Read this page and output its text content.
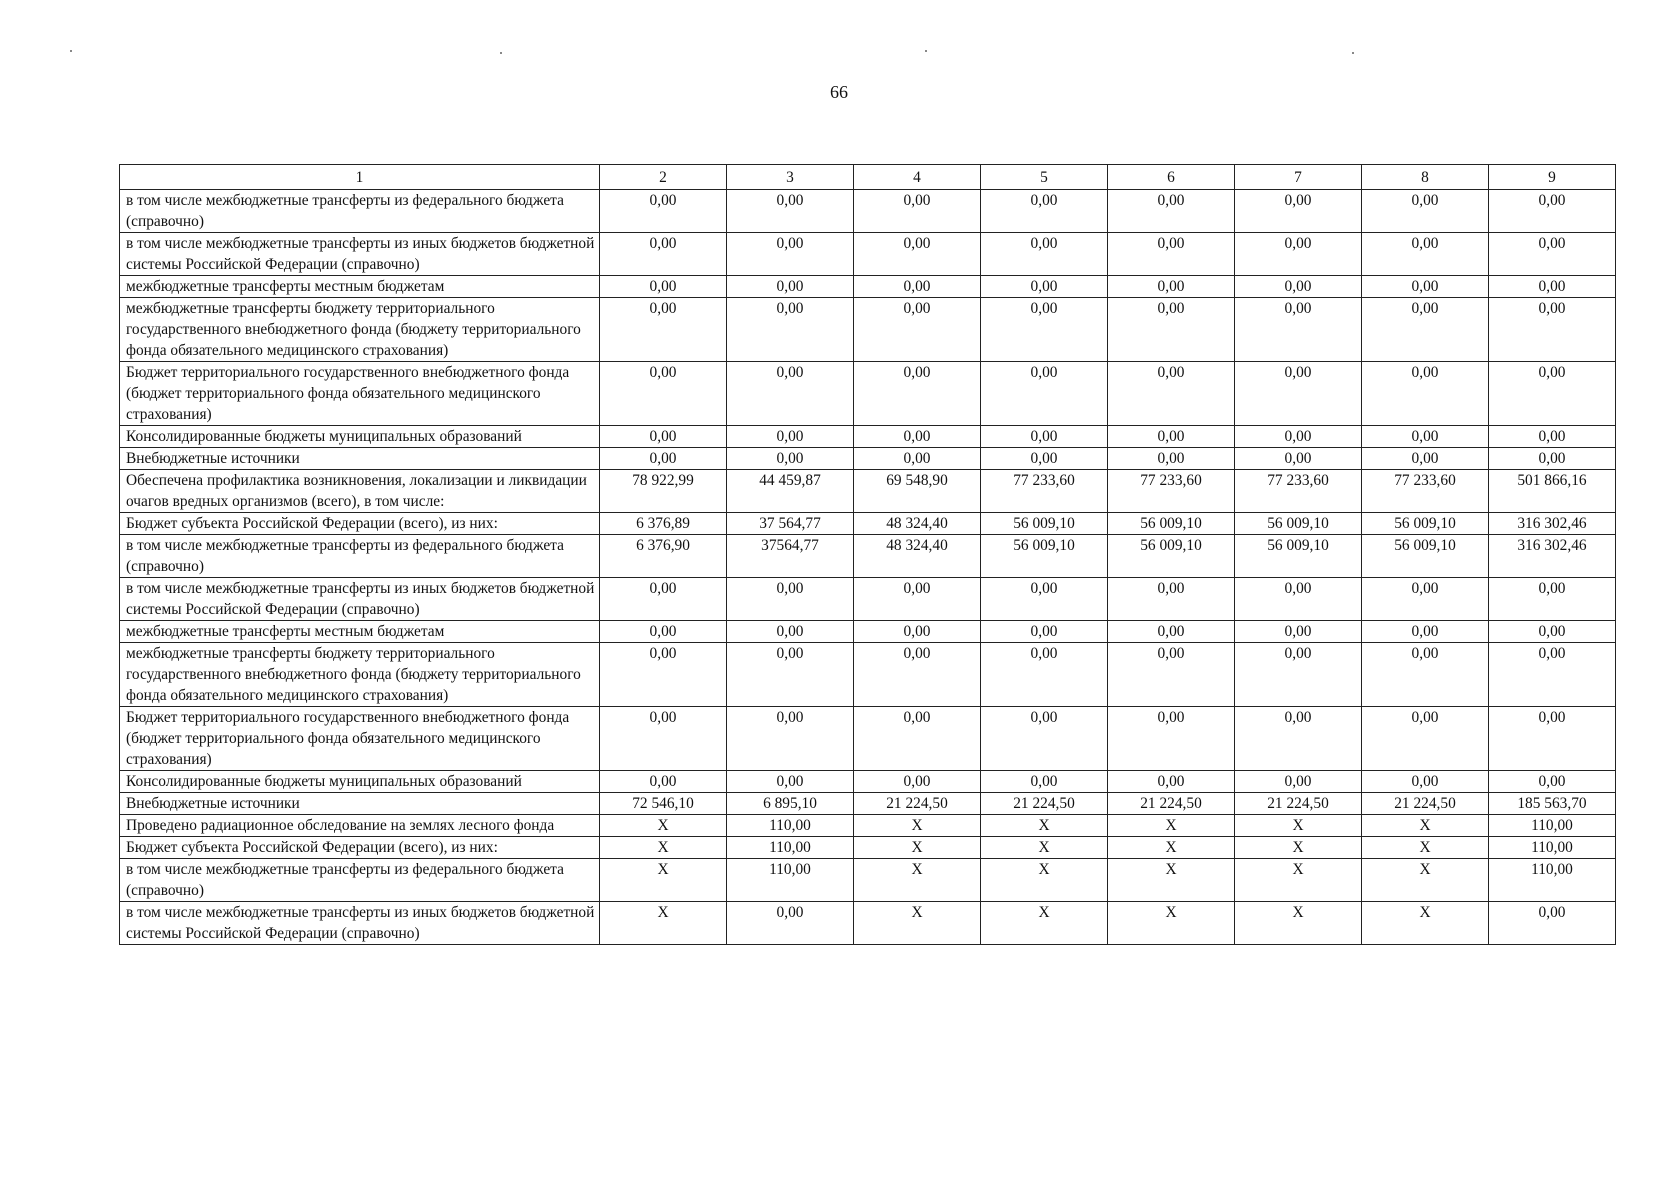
66
1	2	3	4	5	6	7	8	9
в том числе межбюджетные трансферты из федерального бюджета (справочно)	0,00	0,00	0,00	0,00	0,00	0,00	0,00	0,00
в том числе межбюджетные трансферты из иных бюджетов бюджетной системы Российской Федерации (справочно)	0,00	0,00	0,00	0,00	0,00	0,00	0,00	0,00
межбюджетные трансферты местным бюджетам	0,00	0,00	0,00	0,00	0,00	0,00	0,00	0,00
межбюджетные трансферты бюджету территориального государственного внебюджетного фонда (бюджету территориального фонда обязательного медицинского страхования)	0,00	0,00	0,00	0,00	0,00	0,00	0,00	0,00
Бюджет территориального государственного внебюджетного фонда (бюджет территориального фонда обязательного медицинского страхования)	0,00	0,00	0,00	0,00	0,00	0,00	0,00	0,00
Консолидированные бюджеты муниципальных образований	0,00	0,00	0,00	0,00	0,00	0,00	0,00	0,00
Внебюджетные источники	0,00	0,00	0,00	0,00	0,00	0,00	0,00	0,00
Обеспечена профилактика возникновения, локализации и ликвидации очагов вредных организмов (всего), в том числе:	78 922,99	44 459,87	69 548,90	77 233,60	77 233,60	77 233,60	77 233,60	501 866,16
Бюджет субъекта Российской Федерации (всего), из них:	6 376,89	37 564,77	48 324,40	56 009,10	56 009,10	56 009,10	56 009,10	316 302,46
в том числе межбюджетные трансферты из федерального бюджета (справочно)	6 376,90	37564,77	48 324,40	56 009,10	56 009,10	56 009,10	56 009,10	316 302,46
в том числе межбюджетные трансферты из иных бюджетов бюджетной системы Российской Федерации (справочно)	0,00	0,00	0,00	0,00	0,00	0,00	0,00	0,00
межбюджетные трансферты местным бюджетам	0,00	0,00	0,00	0,00	0,00	0,00	0,00	0,00
межбюджетные трансферты бюджету территориального государственного внебюджетного фонда (бюджету территориального фонда обязательного медицинского страхования)	0,00	0,00	0,00	0,00	0,00	0,00	0,00	0,00
Бюджет территориального государственного внебюджетного фонда (бюджет территориального фонда обязательного медицинского страхования)	0,00	0,00	0,00	0,00	0,00	0,00	0,00	0,00
Консолидированные бюджеты муниципальных образований	0,00	0,00	0,00	0,00	0,00	0,00	0,00	0,00
Внебюджетные источники	72 546,10	6 895,10	21 224,50	21 224,50	21 224,50	21 224,50	21 224,50	185 563,70
Проведено радиационное обследование на землях лесного фонда	X	110,00	X	X	X	X	X	110,00
Бюджет субъекта Российской Федерации (всего), из них:	X	110,00	X	X	X	X	X	110,00
в том числе межбюджетные трансферты из федерального бюджета (справочно)	X	110,00	X	X	X	X	X	110,00
в том числе межбюджетные трансферты из иных бюджетов бюджетной системы Российской Федерации (справочно)	X	0,00	X	X	X	X	X	0,00
